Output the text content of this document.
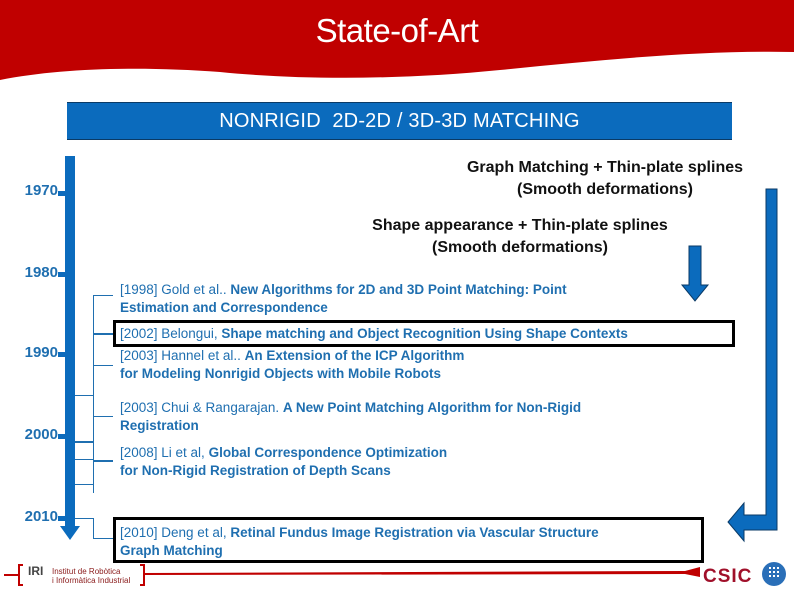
State-of-Art
NONRIGID  2D-2D / 3D-3D MATCHING
1970
1980
1990
2000
2010
Graph Matching + Thin-plate splines
(Smooth deformations)
Shape appearance + Thin-plate splines
(Smooth deformations)
[1998] Gold et al.. New Algorithms for 2D and 3D Point Matching: Point
Estimation and Correspondence
[2002] Belongui, Shape matching and Object Recognition Using Shape Contexts
[2003] Hannel et al.. An Extension of the ICP Algorithm
for Modeling Nonrigid Objects with Mobile Robots
[2003] Chui & Rangarajan. A New Point Matching Algorithm for Non-Rigid
Registration
[2008] Li et al, Global Correspondence Optimization
for Non-Rigid Registration of Depth Scans
[2010] Deng et al, Retinal Fundus Image Registration via Vascular Structure
Graph Matching
IRI Institut de Robòtica
i Informàtica Industrial	CSIC
